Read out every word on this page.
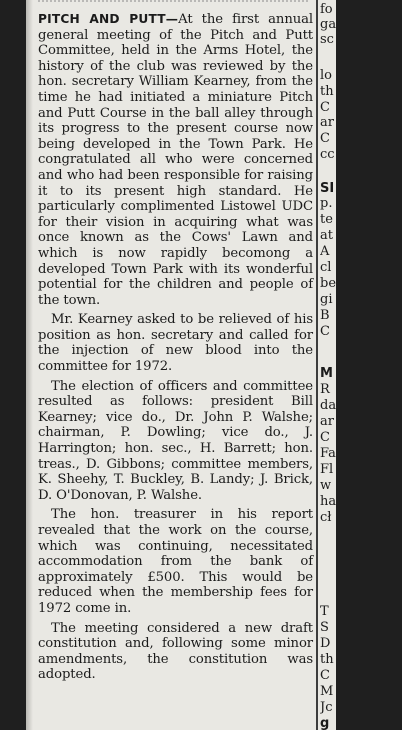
PITCH AND PUTT—At the first annual general meeting of the Pitch and Putt Committee, held in the Arms Hotel, the history of the club was reviewed by the hon. secretary William Kearney, from the time he had initiated a miniature Pitch and Putt Course in the ball alley through its progress to the present course now being developed in the Town Park. He congratulated all who were concerned and who had been responsible for raising it to its present high standard. He particularly complimented Listowel UDC for their vision in acquiring what was once known as the Cows' Lawn and which is now rapidly becomong a developed Town Park with its wonderful potential for the children and people of the town.

Mr. Kearney asked to be relieved of his position as hon. secretary and called for the injection of new blood into the committee for 1972.

The election of officers and committee resulted as follows: president Bill Kearney; vice do., Dr. John P. Walshe; chairman, P. Dowling; vice do., J. Harrington; hon. sec., H. Barrett; hon. treas., D. Gibbons; committee members, K. Sheehy, T. Buckley, B. Landy; J. Brick, D. O'Donovan, P. Walshe.

The hon. treasurer in his report revealed that the work on the course, which was continuing, necessitated accommodation from the bank of approximately £500. This would be reduced when the membership fees for 1972 come in.

The meeting considered a new draft constitution and, following some minor amendments, the constitution was adopted.

fo
ga
sc
lo
th
C
ar
C
cc
SI
p.
te
at
A
cl
be
gi
B
C
M
R
da
ar
C
Fa
Fl
w
ha
cł
T
S
D
th
C
M
Jc
g
